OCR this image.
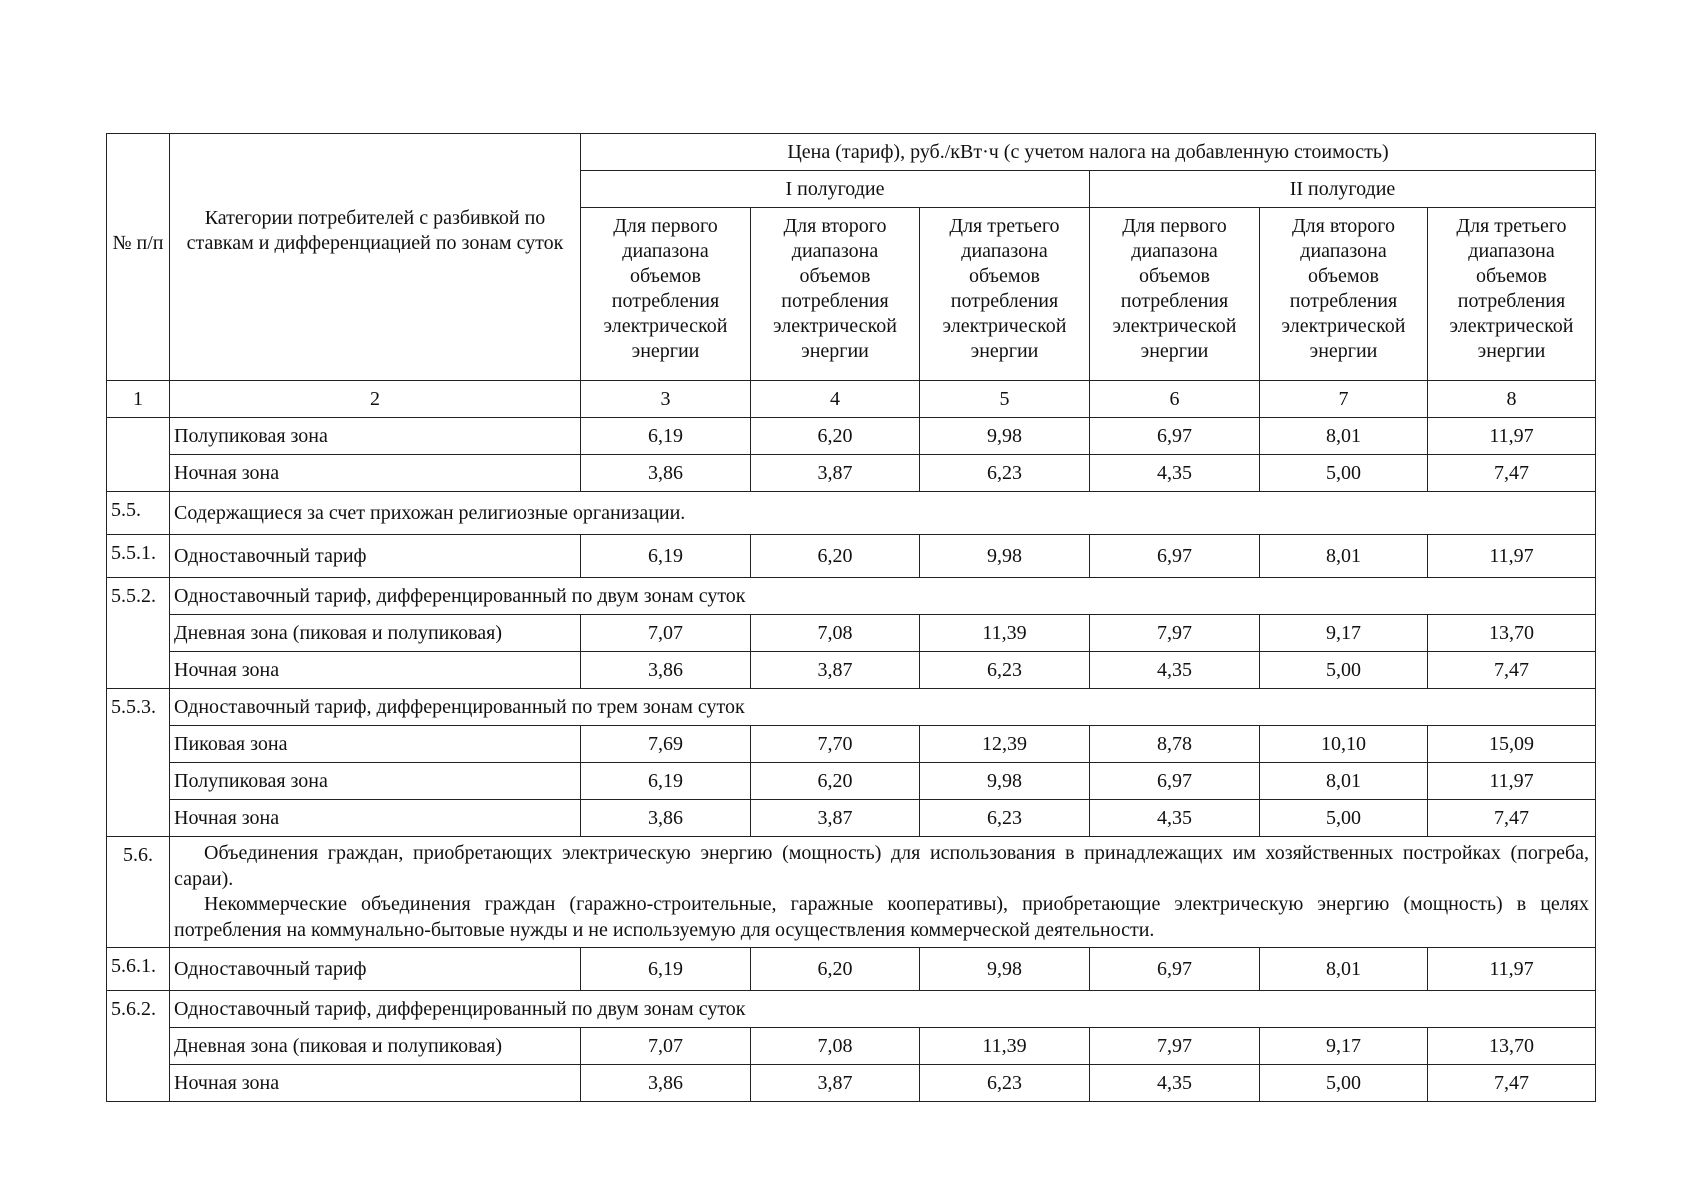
№ п/п	Категории потребителей с разбивкой по ставкам и дифференциацией по зонам суток	Цена (тариф), руб./кВт·ч (с учетом налога на добавленную стоимость)					
		I полугодие			II полугодие		
		Для первого диапазона объемов потребления электрической энергии	Для второго диапазона объемов потребления электрической энергии	Для третьего диапазона объемов потребления электрической энергии	Для первого диапазона объемов потребления электрической энергии	Для второго диапазона объемов потребления электрической энергии	Для третьего диапазона объемов потребления электрической энергии
1	2	3	4	5	6	7	8
	Полупиковая зона	6,19	6,20	9,98	6,97	8,01	11,97
	Ночная зона	3,86	3,87	6,23	4,35	5,00	7,47
5.5.	Содержащиеся за счет прихожан религиозные организации.						
5.5.1.	Одноставочный тариф	6,19	6,20	9,98	6,97	8,01	11,97
5.5.2.	Одноставочный тариф, дифференцированный по двум зонам суток						
	Дневная зона (пиковая и полупиковая)	7,07	7,08	11,39	7,97	9,17	13,70
	Ночная зона	3,86	3,87	6,23	4,35	5,00	7,47
5.5.3.	Одноставочный тариф, дифференцированный по трем зонам суток						
	Пиковая зона	7,69	7,70	12,39	8,78	10,10	15,09
	Полупиковая зона	6,19	6,20	9,98	6,97	8,01	11,97
	Ночная зона	3,86	3,87	6,23	4,35	5,00	7,47
5.6.	Объединения граждан, приобретающих электрическую энергию (мощность) для использования в принадлежащих им хозяйственных постройках (погреба, сараи).

Некоммерческие объединения граждан (гаражно-строительные, гаражные кооперативы), приобретающие электрическую энергию (мощность) в целях потребления на коммунально-бытовые нужды и не используемую для осуществления коммерческой деятельности.						

5.6.1.	Одноставочный тариф	6,19	6,20	9,98	6,97	8,01	11,97
5.6.2.	Одноставочный тариф, дифференцированный по двум зонам суток						
	Дневная зона (пиковая и полупиковая)	7,07	7,08	11,39	7,97	9,17	13,70
	Ночная зона	3,86	3,87	6,23	4,35	5,00	7,47
